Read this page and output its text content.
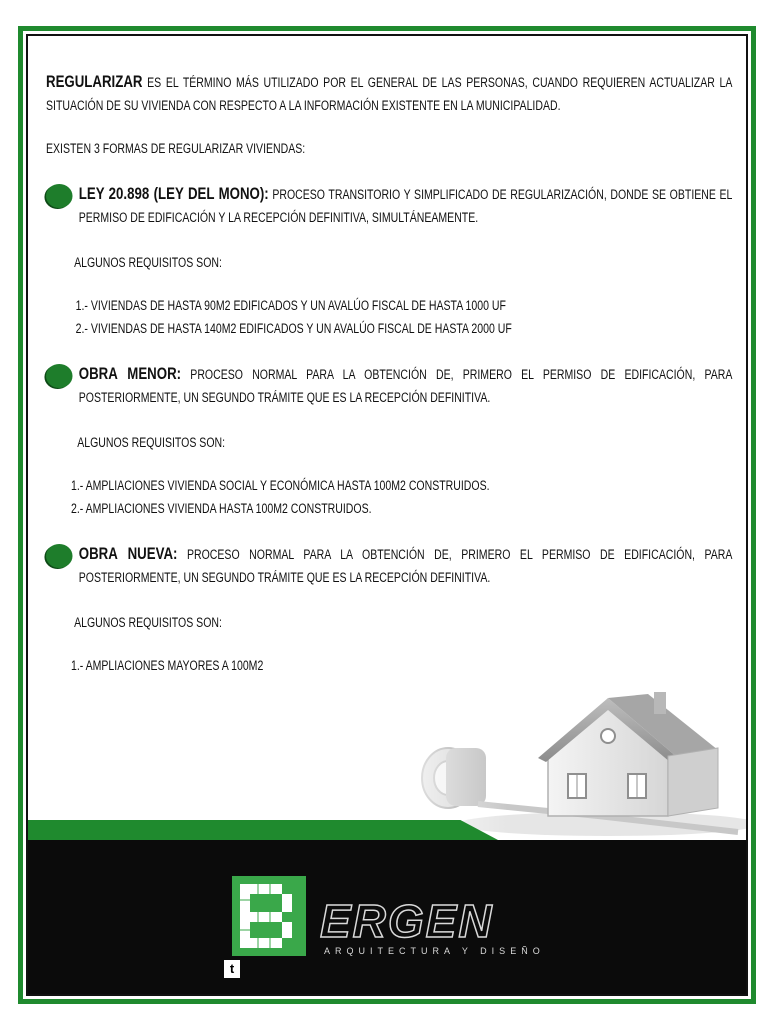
REGULARIZAR ES EL TÉRMINO MÁS UTILIZADO POR EL GENERAL DE LAS PERSONAS, CUANDO REQUIEREN ACTUALIZAR LA SITUACIÓN DE SU VIVIENDA CON RESPECTO A LA INFORMACIÓN EXISTENTE EN LA MUNICIPALIDAD.

EXISTEN 3 FORMAS DE REGULARIZAR VIVIENDAS:

LEY 20.898 (LEY DEL MONO): PROCESO TRANSITORIO Y SIMPLIFICADO DE REGULARIZACIÓN, DONDE SE OBTIENE EL PERMISO DE EDIFICACIÓN Y LA RECEPCIÓN DEFINITIVA, SIMULTÁNEAMENTE.

ALGUNOS REQUISITOS SON:

1.- VIVIENDAS DE HASTA 90M2 EDIFICADOS Y UN AVALÚO FISCAL DE HASTA 1000 UF
2.- VIVIENDAS DE HASTA 140M2 EDIFICADOS Y UN AVALÚO FISCAL DE HASTA 2000 UF

OBRA MENOR: PROCESO NORMAL PARA LA OBTENCIÓN DE, PRIMERO EL PERMISO DE EDIFICACIÓN, PARA POSTERIORMENTE, UN SEGUNDO TRÁMITE QUE ES LA RECEPCIÓN DEFINITIVA.

ALGUNOS REQUISITOS SON:

1.- AMPLIACIONES VIVIENDA SOCIAL Y ECONÓMICA HASTA 100M2 CONSTRUIDOS.
2.- AMPLIACIONES VIVIENDA HASTA 100M2 CONSTRUIDOS.

OBRA NUEVA: PROCESO NORMAL PARA LA OBTENCIÓN DE, PRIMERO EL PERMISO DE EDIFICACIÓN, PARA POSTERIORMENTE, UN SEGUNDO TRÁMITE QUE ES LA RECEPCIÓN DEFINITIVA.

ALGUNOS REQUISITOS SON:

1.- AMPLIACIONES MAYORES A 100M2
ERGEN
ARQUITECTURA Y DISEÑO
t
